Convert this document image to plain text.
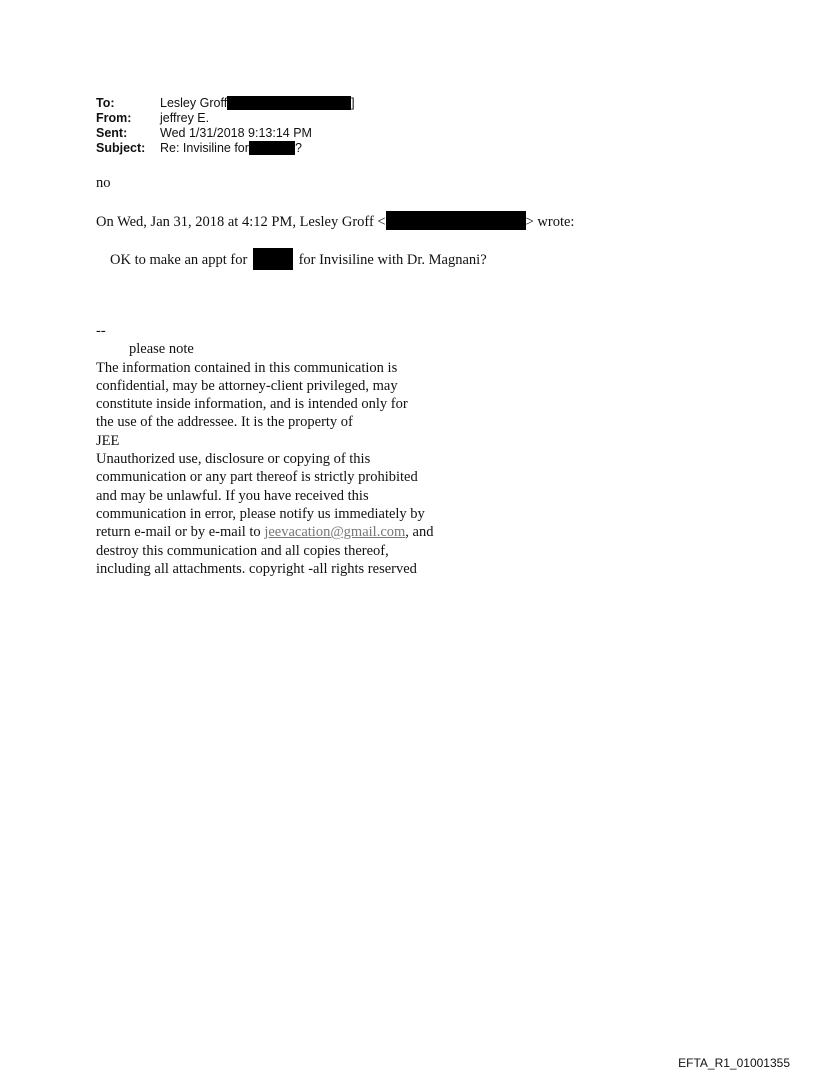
To:	Lesley Groff	]
From:	jeffrey E.
Sent:	Wed 1/31/2018 9:13:14 PM
Subject:	Re: Invisiline for	?
no
On Wed, Jan 31, 2018 at 4:12 PM, Lesley Groff <	> wrote:
OK to make an appt for	for Invisiline with Dr. Magnani?
--
please note
The information contained in this communication is
confidential, may be attorney-client privileged, may
constitute inside information, and is intended only for
the use of the addressee. It is the property of
JEE
Unauthorized use, disclosure or copying of this
communication or any part thereof is strictly prohibited
and may be unlawful. If you have received this
communication in error, please notify us immediately by
return e-mail or by e-mail to jeevacation@gmail.com, and
destroy this communication and all copies thereof,
including all attachments. copyright -all rights reserved
EFTA_R1_01001355
